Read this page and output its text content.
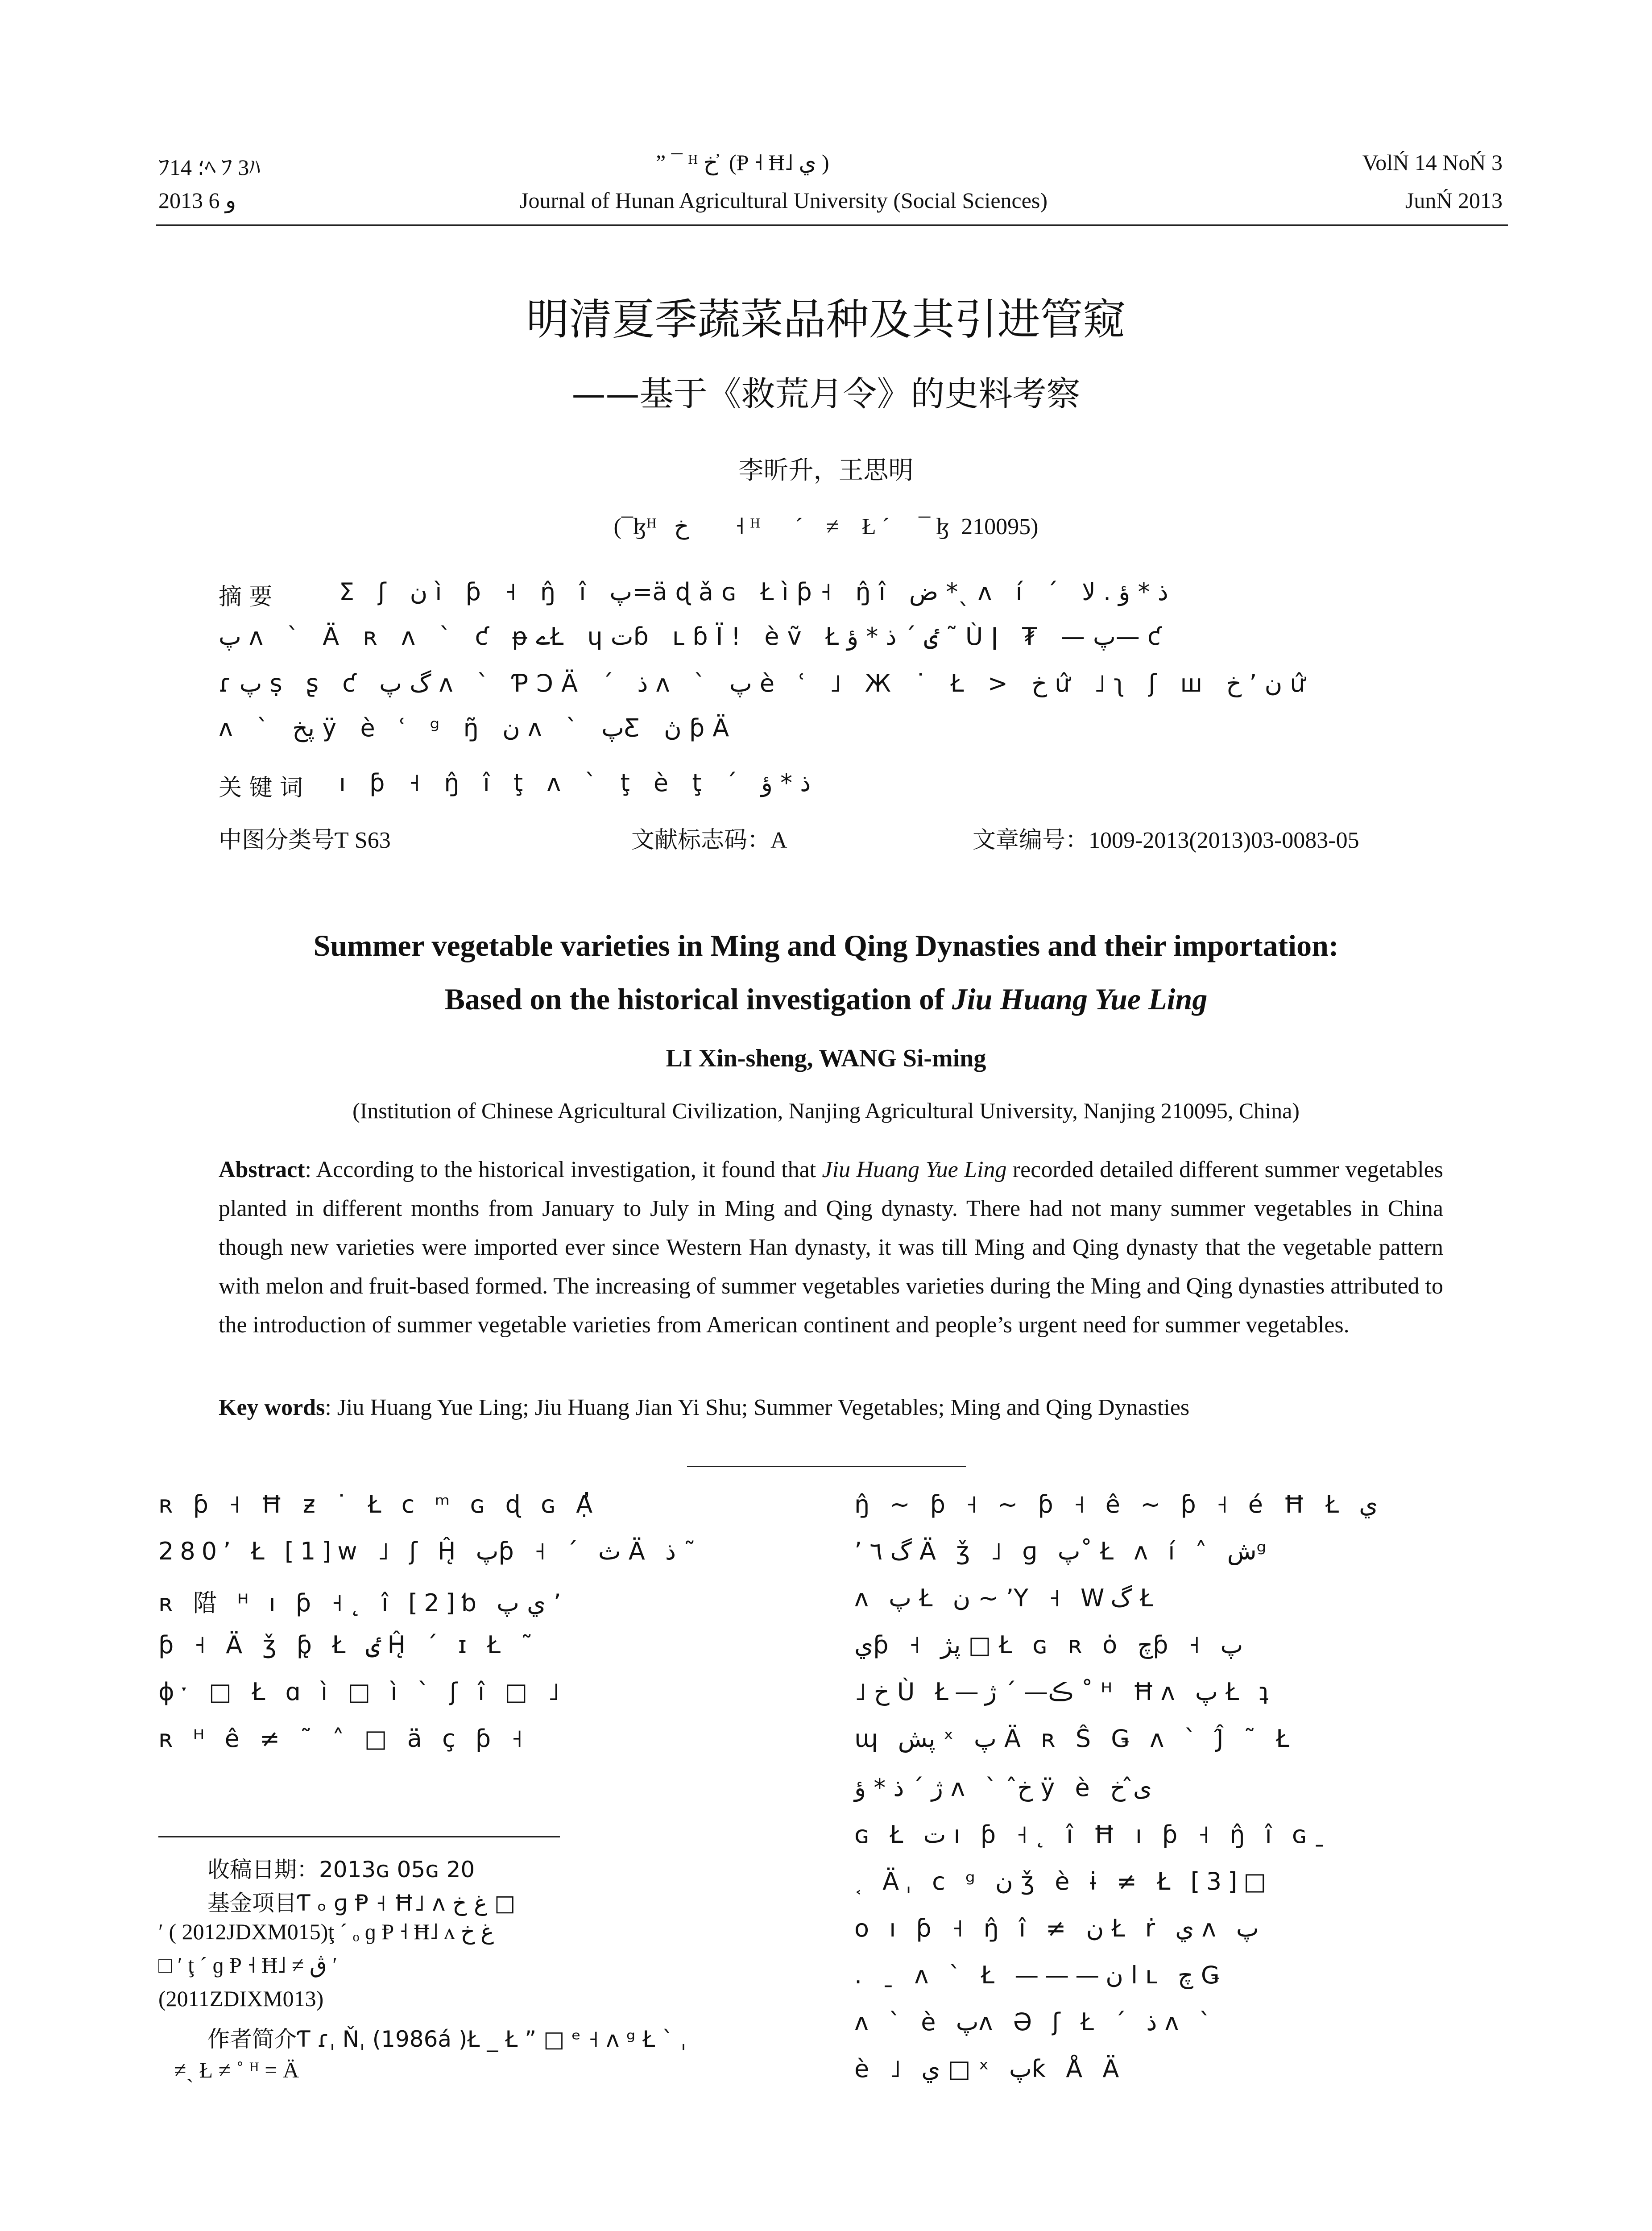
ﾌ؛ 14ﾍ ﾌ 3ﾊ	” ¯ ᴴ خ ̓ (Ᵽ ˧ Ħ˩ ي )	VolŃ 14 NoŃ 3
2013 و 6	Journal of Hunan Agricultural University (Social Sciences)	JunŃ 2013
明清夏季蔬菜品种及其引进管窥
——基于《救荒月令》的史料考察
李昕升，王思明
(¯ɮᴴ   خ        ˧ ᴴ      ´    ≠    Ł ´     ¯ ɮ  210095)
摘 要	Ʃ ʃ ن ì ƥ ˧ ŋ̂ ı̂ پ=äɖǎɢ Łìƥ˧ ŋ̂ı̂ ض *ˎ ʌ í ´ ذ * ؤ . لا
پ ʌ ` Ä ʀ ʌ ` ƈ ᵽےŁ ɥتɓ ʟɓÏ! èṽ Łٸ ´ ذ * ؤ ˜ Ùǀ ₮ —پ— ƈ
ɾپ ṣ ʂ ƈ گ پ ʌ ` ƤƆÄ ´ ذ ʌ ` پ è ʿ ˩ Ж ˙ Ł > خ ư̂ ˩ʅ ʃ ш ن ’ خ ư̂
ʌ ` پخ ÿ è ʿ ᵍ ŋ̃ ن ʌ ` پƸ ڽ ƥÄ
关 键 词 ı ƥ ˧ ŋ̂ ı̂ ţ ʌ ` ţ è ţ ´ ذ * ؤ
中图分类号Ƭ S63	文献标志码：A	文章编号：1009-2013(2013)03-0083-05
Summer vegetable varieties in Ming and Qing Dynasties and their importation:
Based on the historical investigation of Jiu Huang Yue Ling
LI Xin-sheng, WANG Si-ming
(Institution of Chinese Agricultural Civilization, Nanjing Agricultural University, Nanjing 210095, China)
Abstract: According to the historical investigation, it found that Jiu Huang Yue Ling recorded detailed different summer vegetables planted in different months from January to July in Ming and Qing dynasty. There had not many summer vegetables in China though new varieties were imported ever since Western Han dynasty, it was till Ming and Qing dynasty that the vegetable pattern with melon and fruit-based formed. The increasing of summer vegetables varieties during the Ming and Qing dynasties attributed to the introduction of summer vegetable varieties from American continent and people’s urgent need for summer vegetables.
Key words: Jiu Huang Yue Ling; Jiu Huang Jian Yi Shu; Summer Vegetables; Ming and Qing Dynasties
ʀ ƥ ˧ Ħ ƶ ˙ Ł c ᵐ ɢ ɖ ɢ Ạ̓
280ʼ Ł [1]ᴡ ˩ ʃ Ĥ̨ پƥ ˧ ´ ث Ä ذ ˜
ʀ 陹 ᴴ ı ƥ ˧˛ ı̂ [2]ƅ ي پ ʼ
ƥ ˧ Ä ǯ ƥ̨ Ł ٸ Ĥ̨ ´ ɪ Ł ˜
ɸˑ □ Ł ɑ ı̀ □ ı̀ ` ʃ ı̂ □ ˩
ʀ ᴴ ê ≠ ˜ ˄ □ ä ç ƥ ˧
ŋ̂ ~ ƥ ˧ ~ ƥ ˧ ê ~ ƥ ˧ é Ħ Ł ي
ʼ گ ٦ Ä ǯ ˩ ɡ پ˚ Ł ʌ í ˄ شᵍ
ʌ پ Ł ن ~ ʼΥ ˧ Wگ Ł
يƥ ˧ پژ □ Ł ɢ ʀ ȯ چƥ ˧ پ
˩ خ Ù Ł—ڪ— ´ ژ ˚ ᴴ Ħʌ پ Ł ʇ
ɰ پش ˣ پ Ä ʀ Ŝ Ǥ ʌ ` Ĵ̂ ˜ Ł
ژ ´ ذ * ؤ ʌ ` خ̂ ÿ è ی̂ خ
ɢ Ł ت ı ƥ ˧˛ ı̂ Ħ ı ƥ ˧ ŋ̂ ı̂ ɢˍ
˱ Äˌ c ᵍ ن ǯ è ɨ ≠ Ł [3]□
o ı ƥ ˧ ŋ̂ ı̂ ≠ ن Ł ṙ ي ʌ پ
. ˍ ʌ ` Ł ———ا ن ʟ چ Ǥ
ʌ ` è پʌ Ə ʃ Ł ´ ذ ʌ `
è ˩ ي □ ˣ پƙ Å Ä
收稿日期：2013ɢ 05ɢ 20
基金项目Ƭ ₒ ɡ Ᵽ ˧ Ħ˩ ʌ غ خ □
ʹ ( 2012JDXM015)ţ ´ ₒ ɡ Ᵽ ˧ Ħ˩ ʌ غ خ
□ ʹ ţ ´ ɡ Ᵽ ˧ Ħ˩ ≠ ڨ ʹ
(2011ZDIXM013)
作者简介Ƭ ɾˌ Ňˌ (1986á )Ł _ Ł ” □ ᵉ ˧ ᴧ ᵍ Ł ` ˌ
≠ˎ Ł ≠ ˚ ᴴ = Ä
